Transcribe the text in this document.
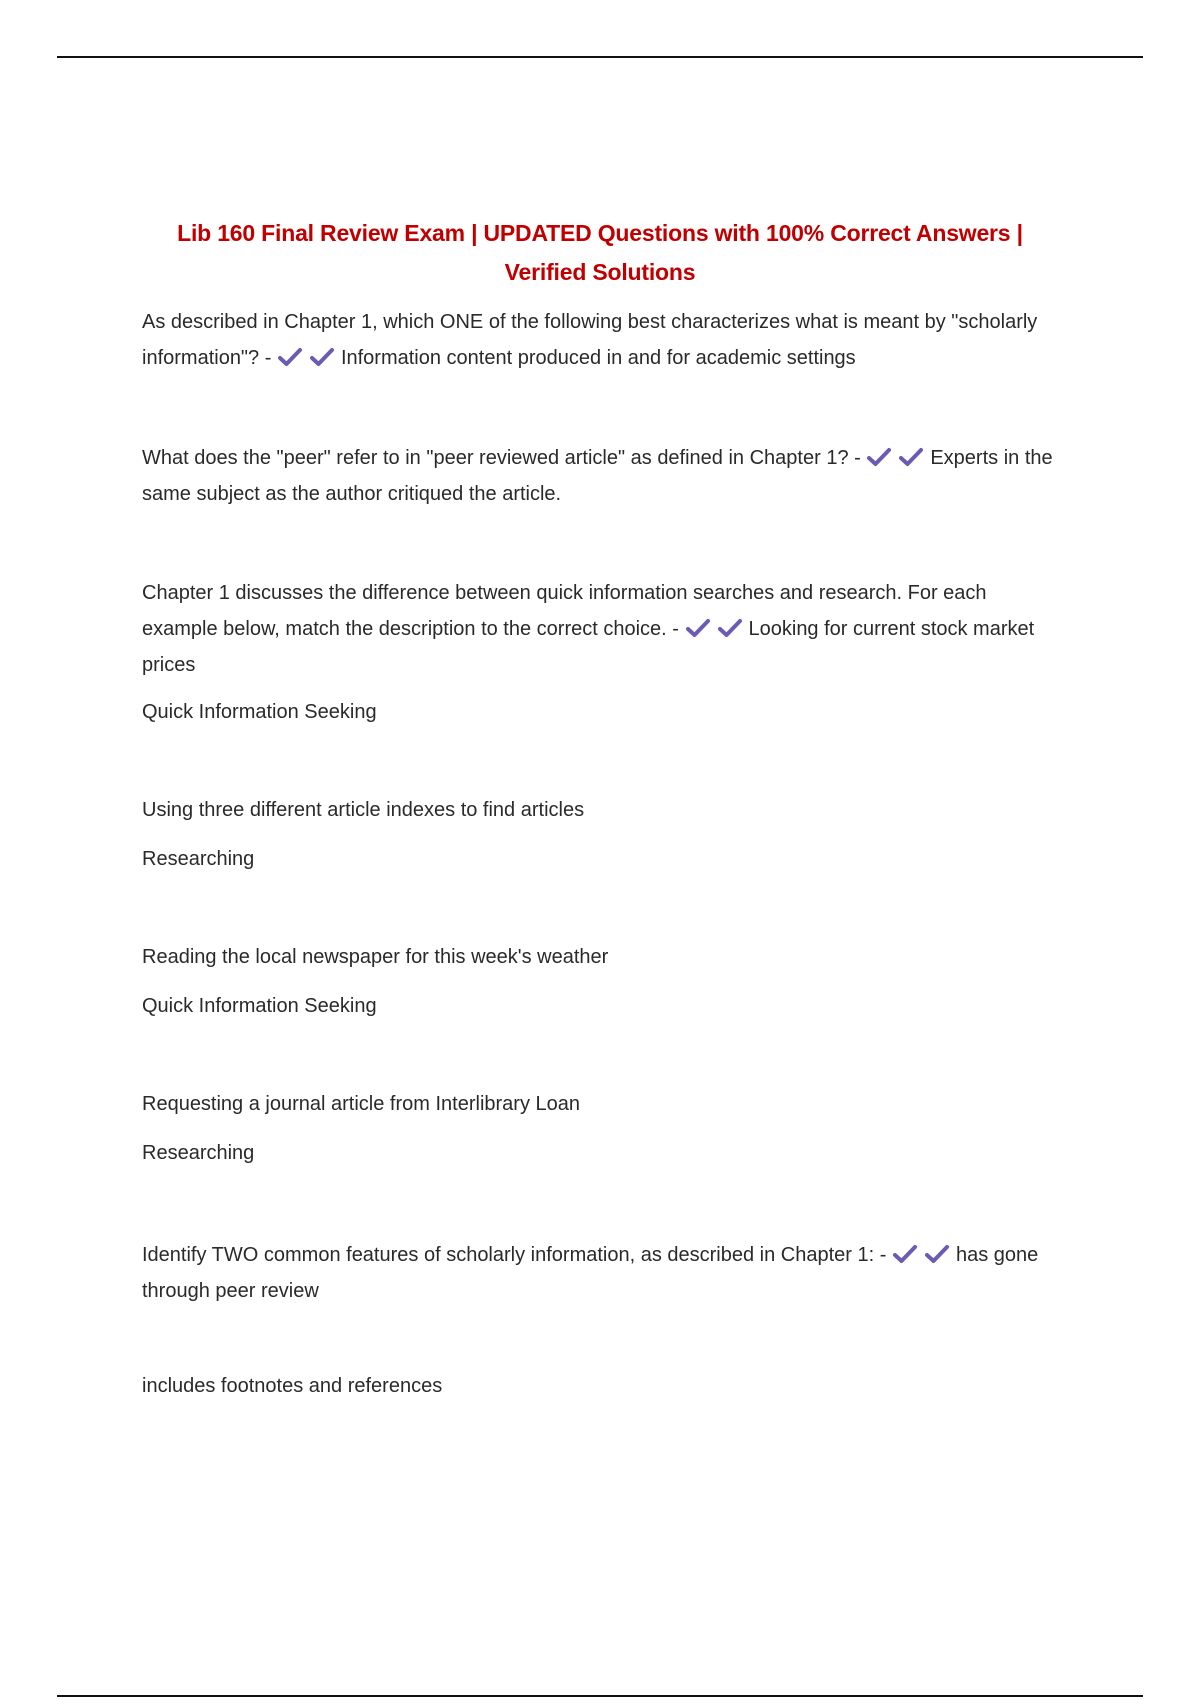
Lib 160 Final Review Exam | UPDATED Questions with 100% Correct Answers |
Verified Solutions

As described in Chapter 1, which ONE of the following best characterizes what is meant by "scholarly information"? -	Information content produced in and for academic settings

What does the "peer" refer to in "peer reviewed article" as defined in Chapter 1? -	Experts in the same subject as the author critiqued the article.

Chapter 1 discusses the difference between quick information searches and research. For each example below, match the description to the correct choice. -	Looking for current stock market prices

Quick Information Seeking

Using three different article indexes to find articles

Researching

Reading the local newspaper for this week's weather

Quick Information Seeking

Requesting a journal article from Interlibrary Loan

Researching

Identify TWO common features of scholarly information, as described in Chapter 1: -	has gone through peer review

includes footnotes and references
